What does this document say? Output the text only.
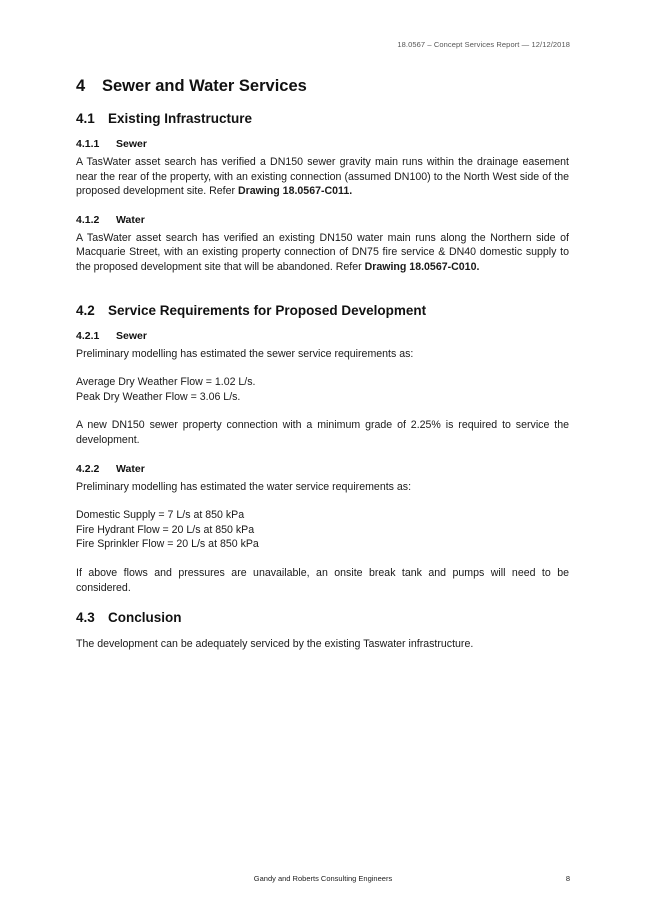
18.0567 – Concept Services Report — 12/12/2018
4 Sewer and Water Services
4.1 Existing Infrastructure
4.1.1 Sewer

A TasWater asset search has verified a DN150 sewer gravity main runs within the drainage easement near the rear of the property, with an existing connection (assumed DN100) to the North West side of the proposed development site. Refer Drawing 18.0567-C011.

4.1.2 Water

A TasWater asset search has verified an existing DN150 water main runs along the Northern side of Macquarie Street, with an existing property connection of DN75 fire service & DN40 domestic supply to the proposed development site that will be abandoned. Refer Drawing 18.0567-C010.

4.2 Service Requirements for Proposed Development
4.2.1 Sewer

Preliminary modelling has estimated the sewer service requirements as:

Average Dry Weather Flow = 1.02 L/s.

Peak Dry Weather Flow = 3.06 L/s.

A new DN150 sewer property connection with a minimum grade of 2.25% is required to service the development.

4.2.2 Water

Preliminary modelling has estimated the water service requirements as:

Domestic Supply = 7 L/s at 850 kPa

Fire Hydrant Flow = 20 L/s at 850 kPa

Fire Sprinkler Flow = 20 L/s at 850 kPa

If above flows and pressures are unavailable, an onsite break tank and pumps will need to be considered.

4.3 Conclusion

The development can be adequately serviced by the existing Taswater infrastructure.

Gandy and Roberts Consulting Engineers	8
